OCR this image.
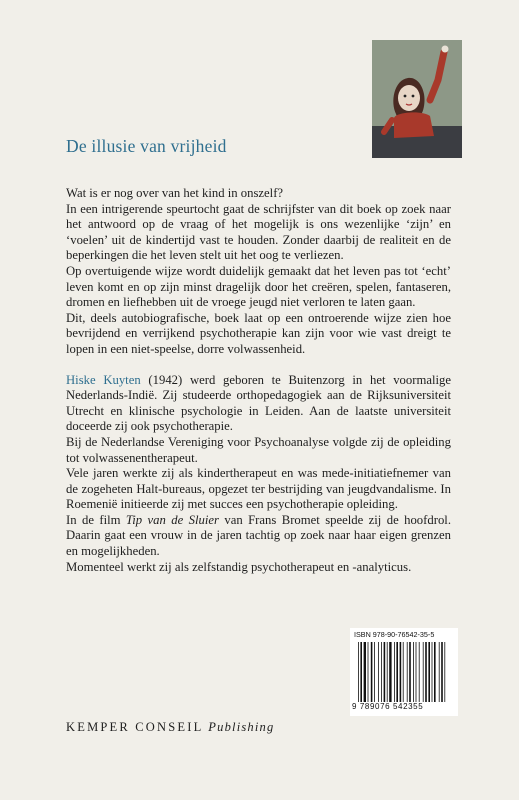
De illusie van vrijheid

Wat is er nog over van het kind in onszelf?

In een intrigerende speurtocht gaat de schrijfster van dit boek op zoek naar het antwoord op de vraag of het mogelijk is ons wezenlijke ‘zijn’ en ‘voelen’ uit de kindertijd vast te houden. Zonder daarbij de realiteit en de beperkingen die het leven stelt uit het oog te verliezen.

Op overtuigende wijze wordt duidelijk gemaakt dat het leven pas tot ‘echt’ leven komt en op zijn minst dragelijk door het creëren, spelen, fantaseren, dromen en liefhebben uit de vroege jeugd niet verloren te laten gaan.

Dit, deels autobiografische, boek laat op een ontroerende wijze zien hoe bevrijdend en verrijkend psychotherapie kan zijn voor wie vast dreigt te lopen in een niet-speelse, dorre volwassenheid.

Hiske Kuyten (1942) werd geboren te Buitenzorg in het voormalige Nederlands-Indië. Zij studeerde orthopedagogiek aan de Rijksuniversiteit Utrecht en klinische psychologie in Leiden. Aan de laatste universiteit doceerde zij ook psychotherapie.

Bij de Nederlandse Vereniging voor Psychoanalyse volgde zij de opleiding tot volwassenentherapeut.

Vele jaren werkte zij als kindertherapeut en was mede-initiatiefnemer van de zogeheten Halt-bureaus, opgezet ter bestrijding van jeugdvandalisme. In Roemenië initieerde zij met succes een psychotherapie opleiding.

In de film Tip van de Sluier van Frans Bromet speelde zij de hoofdrol. Daarin gaat een vrouw in de jaren tachtig op zoek naar haar eigen grenzen en mogelijkheden.

Momenteel werkt zij als zelfstandig psychotherapeut en -analyticus.

ISBN 978-90-76542-35-5
9 789076 542355
KEMPER CONSEIL Publishing
